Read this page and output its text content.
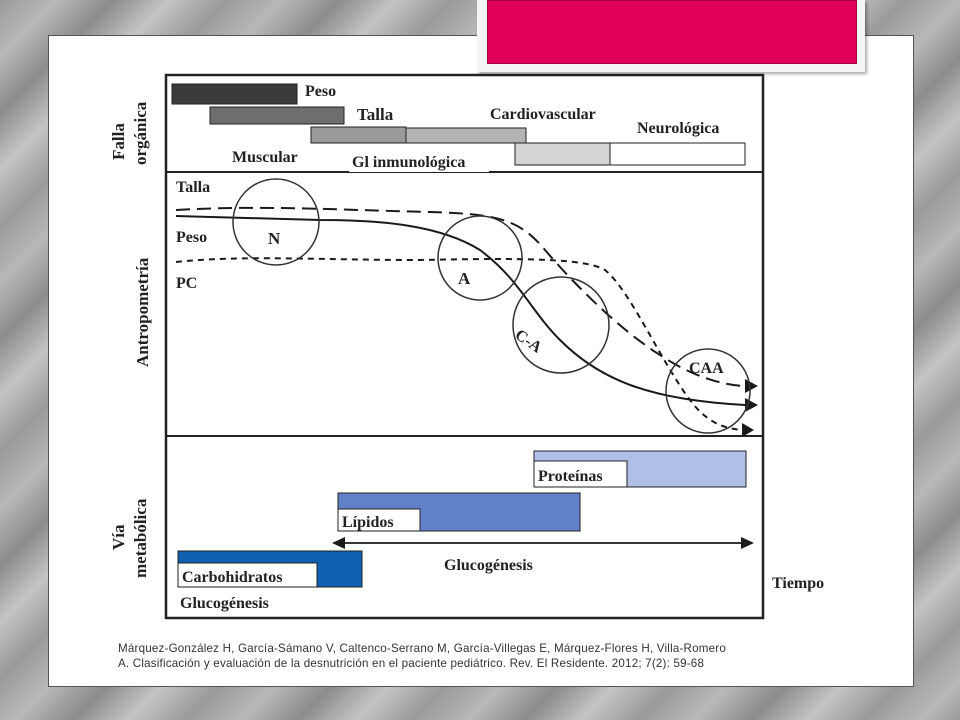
Falla orgánica
Antropometría
Vía metabólica
Peso
Talla	Cardiovascular
Neurológica
Muscular	Gl inmunológica
Talla
Peso
PC
N
A
C-A
CAA
Proteínas
Lípidos
Glucogénesis
Carbohidratos
Glucogénesis
Tiempo
Márquez-González H, García-Sámano V, Caltenco-Serrano M, García-Villegas E, Márquez-Flores H, Villa-Romero
A. Clasificación y evaluación de la desnutrición en el paciente pediátrico. Rev. El Residente. 2012; 7(2): 59-68
